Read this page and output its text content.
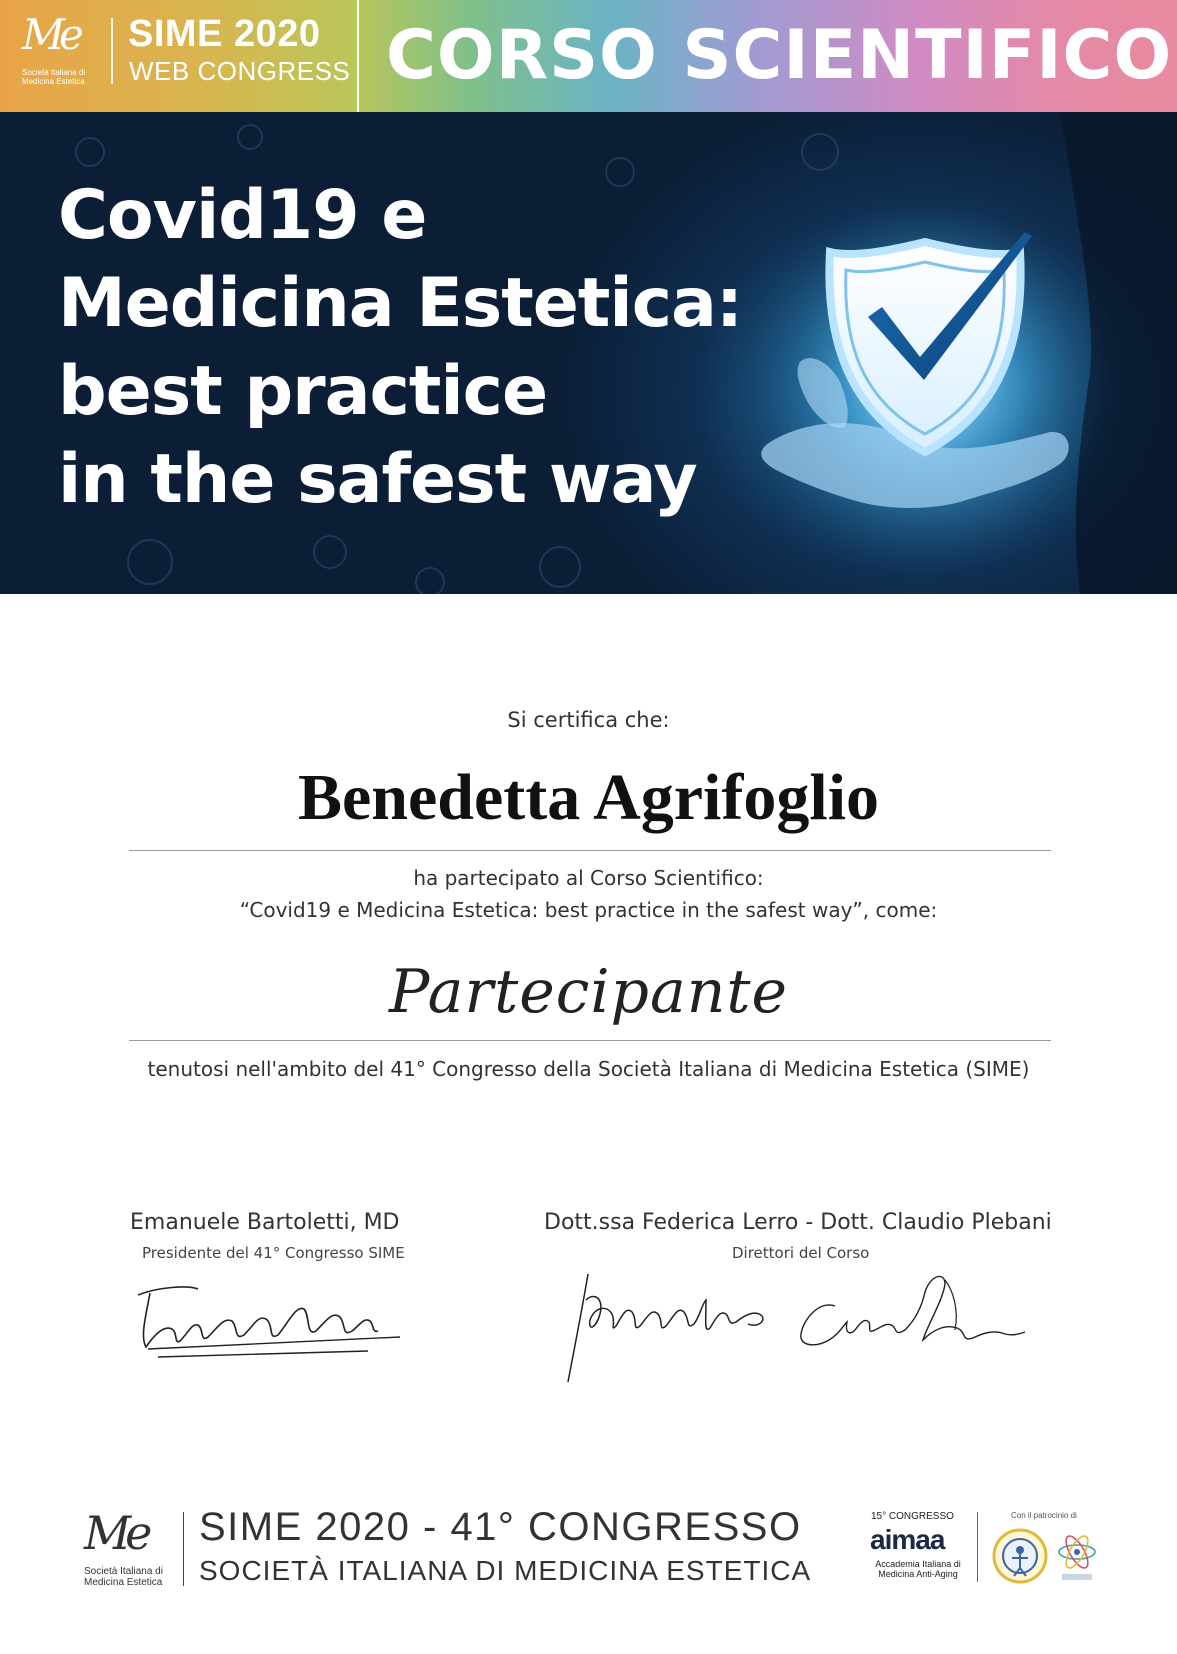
Me
Società Italiana di Medicina Estetica
SIME 2020
WEB CONGRESS CORSO SCIENTIFICO
Covid19 e
Medicina Estetica:
best practice
in the safest way
Si certifica che:
Benedetta Agrifoglio
ha partecipato al Corso Scientifico:
“Covid19 e Medicina Estetica: best practice in the safest way”, come:
Partecipante
tenutosi nell'ambito del 41° Congresso della Società Italiana di Medicina Estetica (SIME)
Emanuele Bartoletti, MD
Presidente del 41° Congresso SIME
Dott.ssa Federica Lerro - Dott. Claudio Plebani
Direttori del Corso
Me
Società Italiana di Medicina Estetica
SIME 2020 - 41° CONGRESSO
SOCIETÀ ITALIANA DI MEDICINA ESTETICA
15° CONGRESSO
aimaa
Accademia Italiana di Medicina Anti-Aging
Con il patrocinio di
